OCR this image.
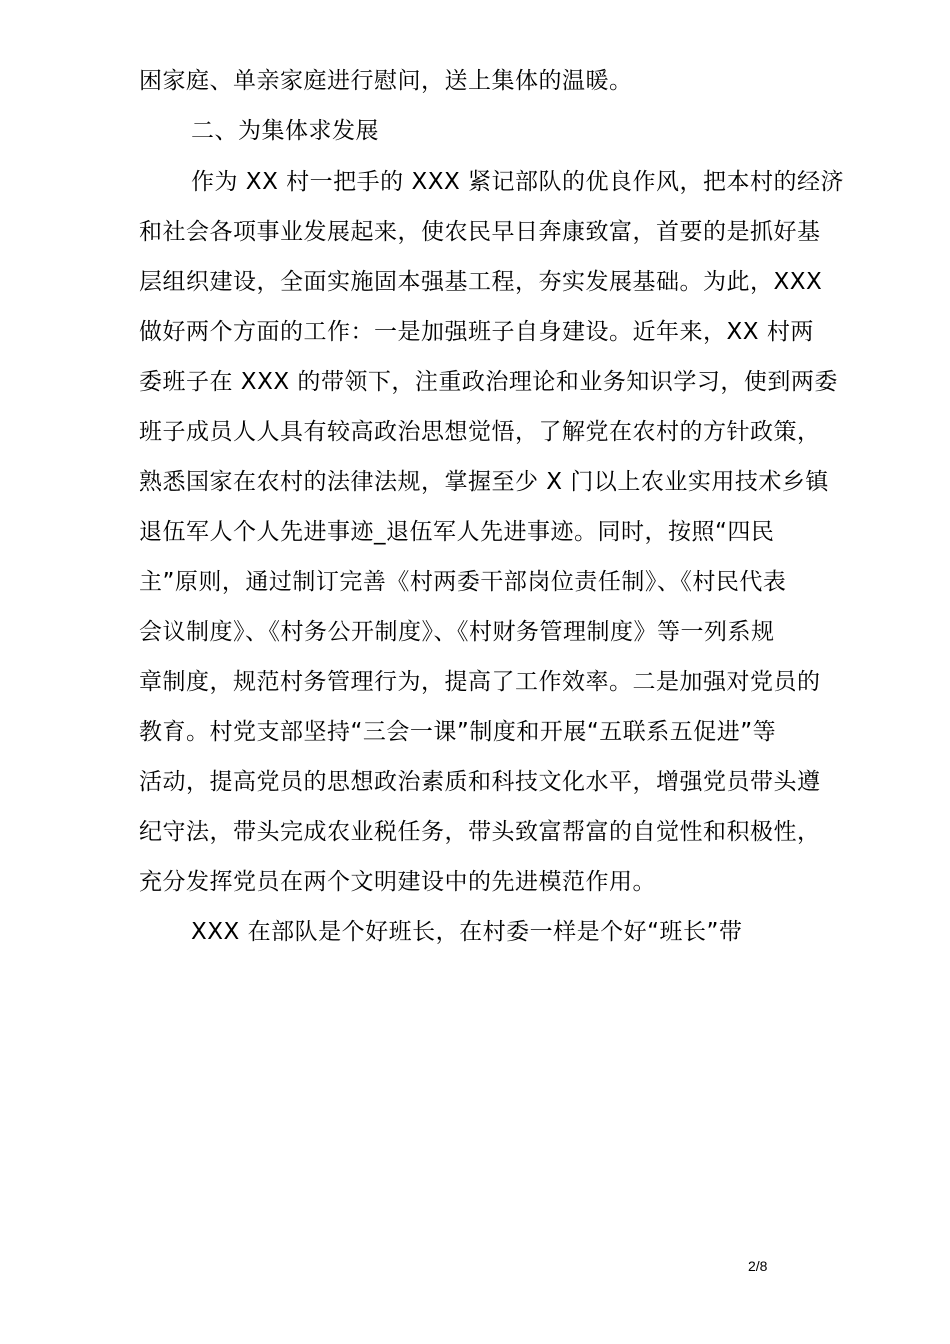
困家庭、单亲家庭进行慰问，送上集体的温暖。
二、为集体求发展
作为 XX 村一把手的 XXX 紧记部队的优良作风，把本村的经济
和社会各项事业发展起来，使农民早日奔康致富，首要的是抓好基
层组织建设，全面实施固本强基工程，夯实发展基础。为此，XXX
做好两个方面的工作：一是加强班子自身建设。近年来，XX 村两
委班子在 XXX 的带领下，注重政治理论和业务知识学习，使到两委
班子成员人人具有较高政治思想觉悟，了解党在农村的方针政策，
熟悉国家在农村的法律法规，掌握至少 X 门以上农业实用技术乡镇
退伍军人个人先进事迹_退伍军人先进事迹。同时，按照“四民
主”原则，通过制订完善《村两委干部岗位责任制》、《村民代表
会议制度》、《村务公开制度》、《村财务管理制度》等一列系规
章制度，规范村务管理行为，提高了工作效率。二是加强对党员的
教育。村党支部坚持“三会一课”制度和开展“五联系五促进”等
活动，提高党员的思想政治素质和科技文化水平，增强党员带头遵
纪守法，带头完成农业税任务，带头致富帮富的自觉性和积极性，
充分发挥党员在两个文明建设中的先进模范作用。
XXX 在部队是个好班长，在村委一样是个好“班长”带
2/8
